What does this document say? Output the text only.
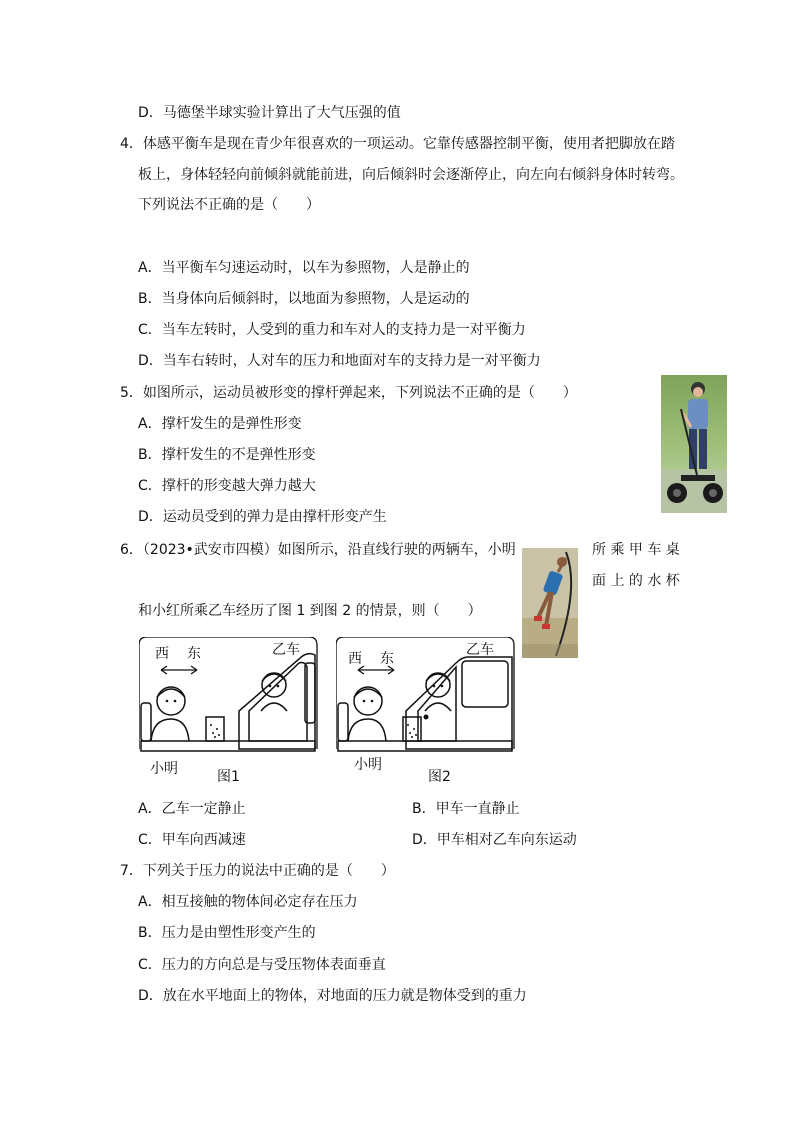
D．马德堡半球实验计算出了大气压强的值
4．体感平衡车是现在青少年很喜欢的一项运动。它靠传感器控制平衡，使用者把脚放在踏
板上，身体轻轻向前倾斜就能前进，向后倾斜时会逐渐停止，向左向右倾斜身体时转弯。
下列说法不正确的是（　　）
A．当平衡车匀速运动时，以车为参照物，人是静止的
B．当身体向后倾斜时，以地面为参照物，人是运动的
C．当车左转时，人受到的重力和车对人的支持力是一对平衡力
D．当车右转时，人对车的压力和地面对车的支持力是一对平衡力
5．如图所示，运动员被形变的撑杆弹起来，下列说法不正确的是（　　）
A．撑杆发生的是弹性形变
B．撑杆发生的不是弹性形变
C．撑杆的形变越大弹力越大
D．运动员受到的弹力是由撑杆形变产生
6．（2023•武安市四模）如图所示，沿直线行驶的两辆车，小明	所 乘 甲 车 桌
面 上 的 水 杯
和小红所乘乙车经历了图 1 到图 2 的情景，则（　　）
西 东	乙车
小明	图1
西 东
乙车
小明
图2
A．乙车一定静止	B．甲车一直静止
C．甲车向西减速	D．甲车相对乙车向东运动
7．下列关于压力的说法中正确的是（　　）
A．相互接触的物体间必定存在压力
B．压力是由塑性形变产生的
C．压力的方向总是与受压物体表面垂直
D．放在水平地面上的物体，对地面的压力就是物体受到的重力
